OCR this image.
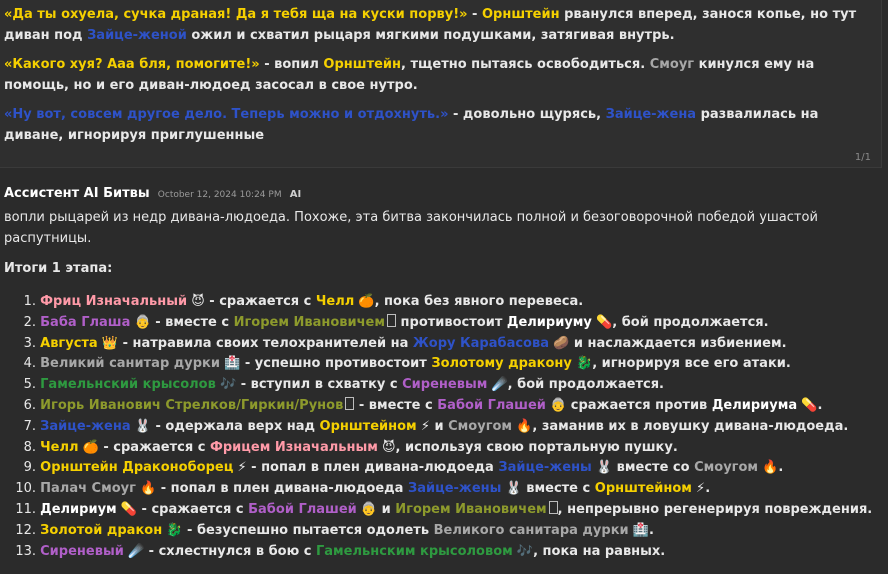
«Да ты охуела, сучка драная! Да я тебя ща на куски порву!» - Орнштейн рванулся вперед, занося копье, но тут диван под Зайце-женой ожил и схватил рыцаря мягкими подушками, затягивая внутрь.
«Какого хуя? Ааа бля, помогите!» - вопил Орнштейн, тщетно пытаясь освободиться. Смоуг кинулся ему на помощь, но и его диван-людоед засосал в свое нутро.
«Ну вот, совсем другое дело. Теперь можно и отдохнуть.» - довольно щурясь, Зайце-жена развалилась на диване, игнорируя приглушенные
1/1
Ассистент AI Битвы October 12, 2024 10:24 PM AI
вопли рыцарей из недр дивана-людоеда. Похоже, эта битва закончилась полной и безоговорочной победой ушастой распутницы.
Итоги 1 этапа:
1. Фриц Изначальный 😈 - сражается с Челл 🍊, пока без явного перевеса.
2. Баба Глаша 👵 - вместе с Игорем Ивановичем противостоит Делириуму 💊, бой продолжается.
3. Августа 👑 - натравила своих телохранителей на Жору Карабасова 🥔 и наслаждается избиением.
4. Великий санитар дурки 🏥 - успешно противостоит Золотому дракону 🐉, игнорируя все его атаки.
5. Гамельнский крысолов 🎶 - вступил в схватку с Сиреневым ☄️, бой продолжается.
6. Игорь Иванович Стрелков/Гиркин/Рунов - вместе с Бабой Глашей 👵 сражается против Делириума 💊.
7. Зайце-жена 🐰 - одержала верх над Орнштейном ⚡ и Смоугом 🔥, заманив их в ловушку дивана-людоеда.
8. Челл 🍊 - сражается с Фрицем Изначальным 😈, используя свою портальную пушку.
9. Орнштейн Драконоборец ⚡ - попал в плен дивана-людоеда Зайце-жены 🐰 вместе со Смоугом 🔥.
10. Палач Смоуг 🔥 - попал в плен дивана-людоеда Зайце-жены 🐰 вместе с Орнштейном ⚡.
11. Делириум 💊 - сражается с Бабой Глашей 👵 и Игорем Ивановичем , непрерывно регенерируя повреждения.
12. Золотой дракон 🐉 - безуспешно пытается одолеть Великого санитара дурки 🏥.
13. Сиреневый ☄️ - схлестнулся в бою с Гамельнским крысоловом 🎶, пока на равных.
